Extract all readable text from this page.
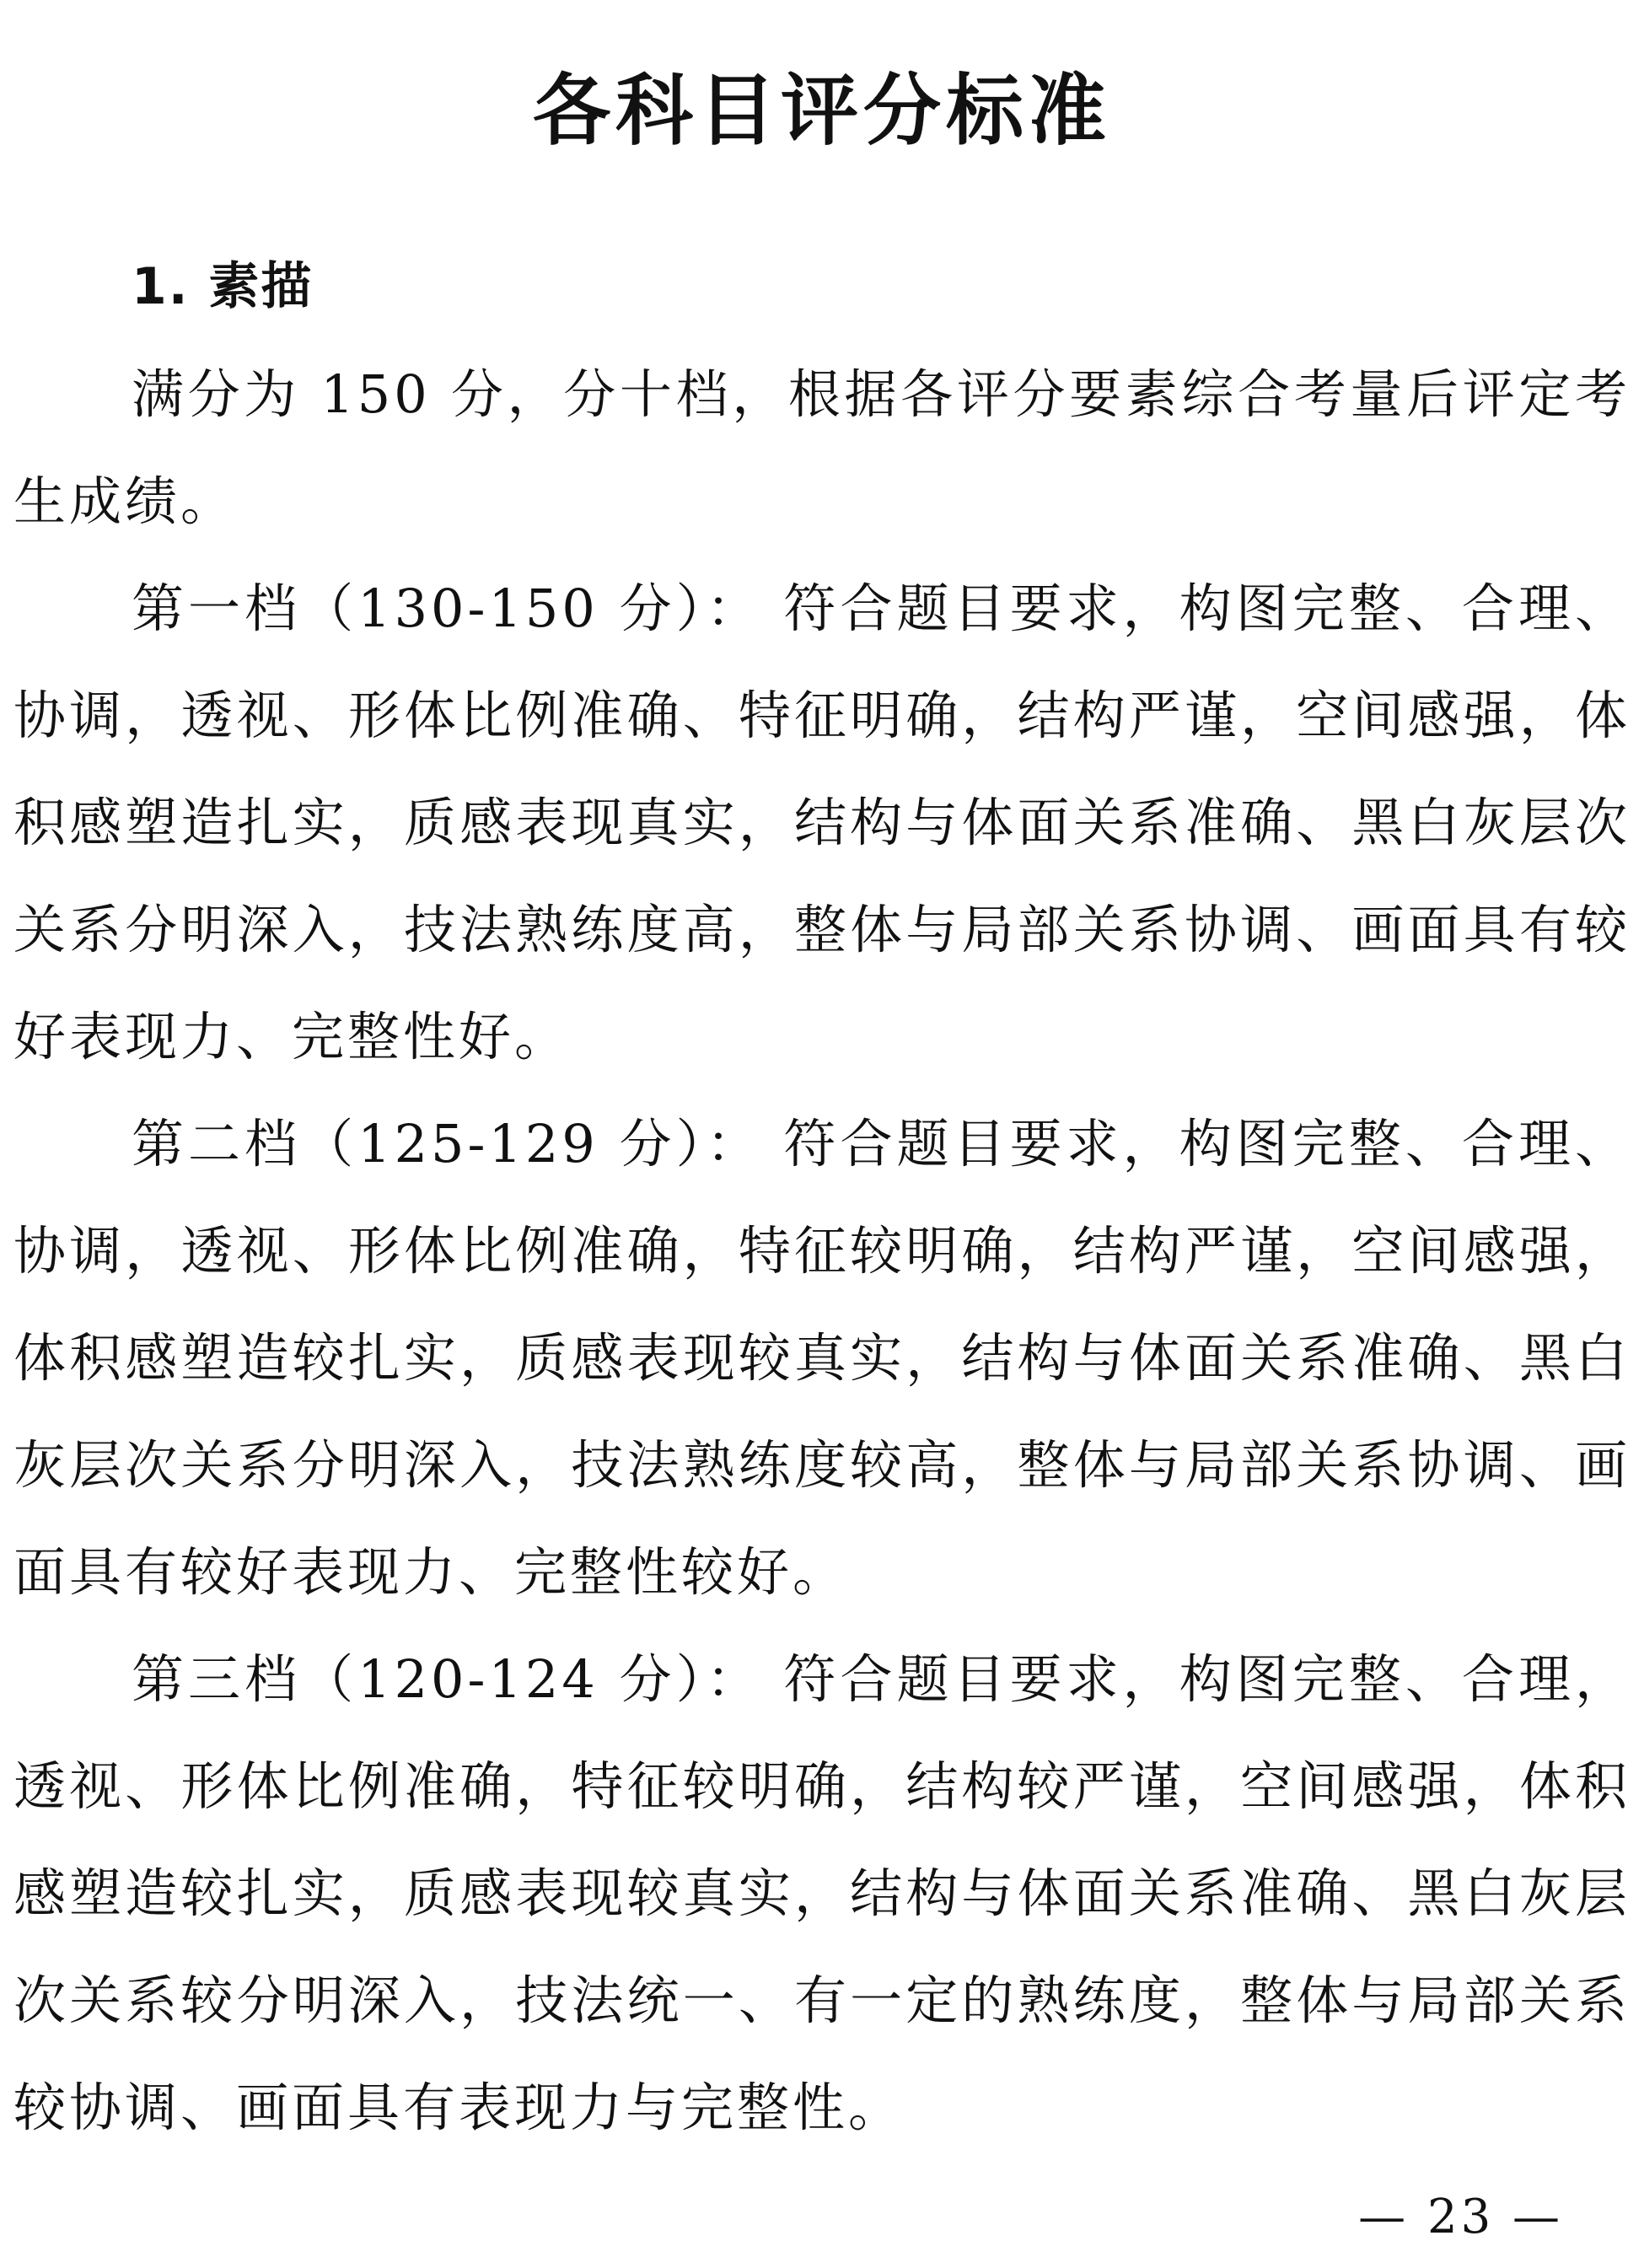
各科目评分标准

1. 素描

满分为 150 分，分十档，根据各评分要素综合考量后评定考生成绩。

第一档（130-150 分）： 符合题目要求，构图完整、合理、协调，透视、形体比例准确、特征明确，结构严谨，空间感强，体积感塑造扎实，质感表现真实，结构与体面关系准确、黑白灰层次关系分明深入，技法熟练度高，整体与局部关系协调、画面具有较好表现力、完整性好。

第二档（125-129 分）： 符合题目要求，构图完整、合理、协调，透视、形体比例准确，特征较明确，结构严谨，空间感强，体积感塑造较扎实，质感表现较真实，结构与体面关系准确、黑白灰层次关系分明深入，技法熟练度较高，整体与局部关系协调、画面具有较好表现力、完整性较好。

第三档（120-124 分）： 符合题目要求，构图完整、合理，透视、形体比例准确，特征较明确，结构较严谨，空间感强，体积感塑造较扎实，质感表现较真实，结构与体面关系准确、黑白灰层次关系较分明深入，技法统一、有一定的熟练度，整体与局部关系较协调、画面具有表现力与完整性。

— 23 —
